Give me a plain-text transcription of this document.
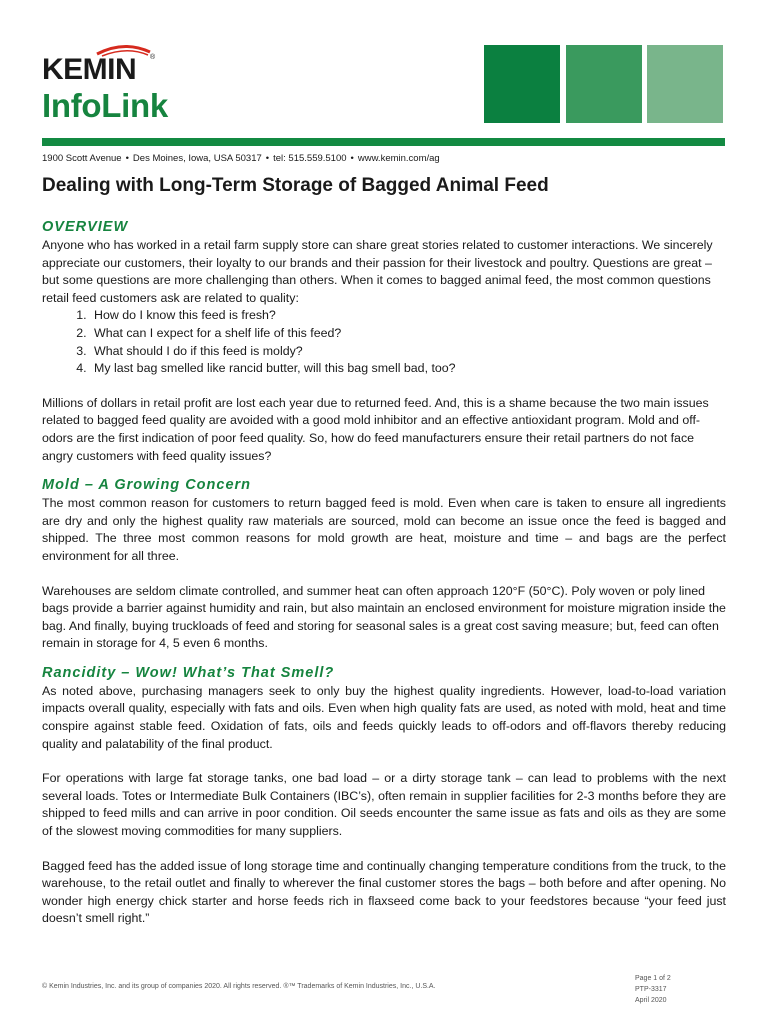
KEMIN ®
InfoLink
1900 Scott Avenue • Des Moines, Iowa, USA 50317 • tel: 515.559.5100 • www.kemin.com/ag
Dealing with Long-Term Storage of Bagged Animal Feed
OVERVIEW

Anyone who has worked in a retail farm supply store can share great stories related to customer interactions. We sincerely appreciate our customers, their loyalty to our brands and their passion for their livestock and poultry. Questions are great – but some questions are more challenging than others. When it comes to bagged animal feed, the most common questions retail feed customers ask are related to quality:

1. How do I know this feed is fresh?
2. What can I expect for a shelf life of this feed?
3. What should I do if this feed is moldy?
4. My last bag smelled like rancid butter, will this bag smell bad, too?

Millions of dollars in retail profit are lost each year due to returned feed. And, this is a shame because the two main issues related to bagged feed quality are avoided with a good mold inhibitor and an effective antioxidant program. Mold and off-odors are the first indication of poor feed quality. So, how do feed manufacturers ensure their retail partners do not face angry customers with feed quality issues?

Mold – A Growing Concern

The most common reason for customers to return bagged feed is mold. Even when care is taken to ensure all ingredients are dry and only the highest quality raw materials are sourced, mold can become an issue once the feed is bagged and shipped. The three most common reasons for mold growth are heat, moisture and time – and bags are the perfect environment for all three.

Warehouses are seldom climate controlled, and summer heat can often approach 120°F (50°C). Poly woven or poly lined bags provide a barrier against humidity and rain, but also maintain an enclosed environment for moisture migration inside the bag. And finally, buying truckloads of feed and storing for seasonal sales is a great cost saving measure; but, feed can often remain in storage for 4, 5 even 6 months.

Rancidity – Wow! What’s That Smell?

As noted above, purchasing managers seek to only buy the highest quality ingredients. However, load-to-load variation impacts overall quality, especially with fats and oils. Even when high quality fats are used, as noted with mold, heat and time conspire against stable feed. Oxidation of fats, oils and feeds quickly leads to off-odors and off-flavors thereby reducing quality and palatability of the final product.

For operations with large fat storage tanks, one bad load – or a dirty storage tank – can lead to problems with the next several loads. Totes or Intermediate Bulk Containers (IBC’s), often remain in supplier facilities for 2-3 months before they are shipped to feed mills and can arrive in poor condition. Oil seeds encounter the same issue as fats and oils as they are some of the slowest moving commodities for many suppliers.

Bagged feed has the added issue of long storage time and continually changing temperature conditions from the truck, to the warehouse, to the retail outlet and finally to wherever the final customer stores the bags – both before and after opening. No wonder high energy chick starter and horse feeds rich in flaxseed come back to your feedstores because “your feed just doesn’t smell right.”

© Kemin Industries, Inc. and its group of companies 2020. All rights reserved. ®™ Trademarks of Kemin Industries, Inc., U.S.A.
Page 1 of 2
PTP-3317
April 2020
